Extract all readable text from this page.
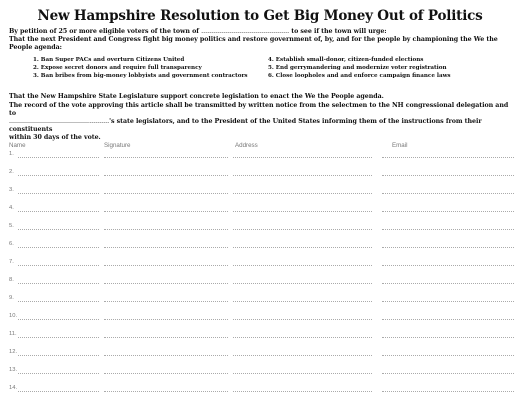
New Hampshire Resolution to Get Big Money Out of Politics
By petition of 25 or more eligible voters of the town of ............................................ to see if the town will urge:
That the next President and Congress fight big money politics and restore government of, by, and for the people by championing the We the
People agenda:
1. Ban Super PACs and overturn Citizens United
2. Expose secret donors and require full transparency
3. Ban bribes from big-money lobbyists and government contractors
4. Establish small-donor, citizen-funded elections
5. End gerrymandering and modernize voter registration
6. Close loopholes and and enforce campaign finance laws
That the New Hampshire State Legislature support concrete legislation to enact the We the People agenda.
The record of the vote approving this article shall be transmitted by written notice from the selectmen to the NH congressional delegation and to
..................................................'s state legislators, and to the President of the United States informing them of the instructions from their constituents
within 30 days of the vote.
Name	Signature	Address	Email
1.
2.
3.
4.
5.
6.
7.
8.
9.
10.
11.
12.
13.
14.
